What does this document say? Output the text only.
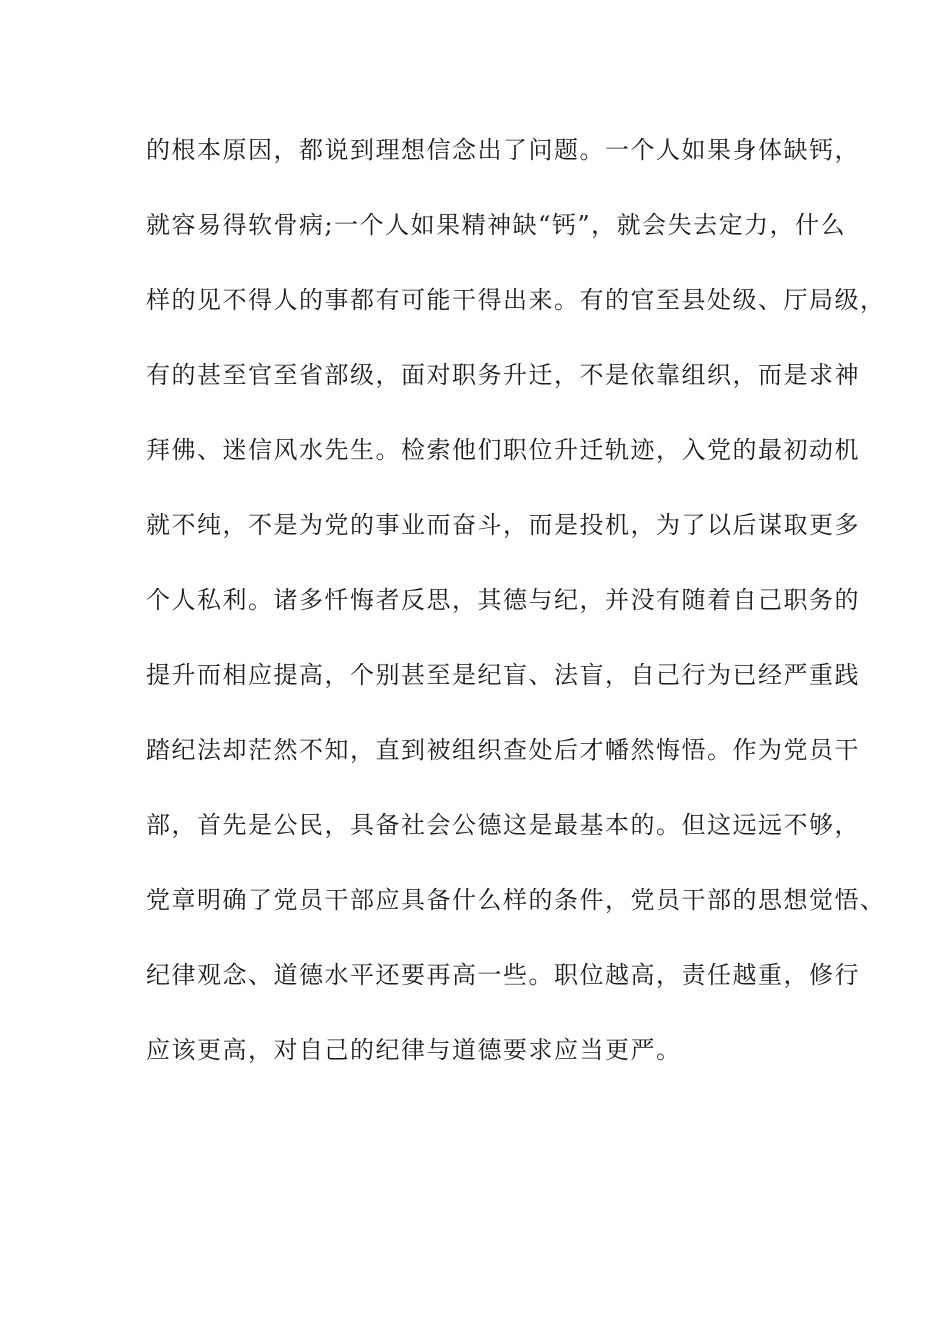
的根本原因，都说到理想信念出了问题。一个人如果身体缺钙，
就容易得软骨病;一个人如果精神缺“钙”，就会失去定力，什么
样的见不得人的事都有可能干得出来。有的官至县处级、厅局级，
有的甚至官至省部级，面对职务升迁，不是依靠组织，而是求神
拜佛、迷信风水先生。检索他们职位升迁轨迹，入党的最初动机
就不纯，不是为党的事业而奋斗，而是投机，为了以后谋取更多
个人私利。诸多忏悔者反思，其德与纪，并没有随着自己职务的
提升而相应提高，个别甚至是纪盲、法盲，自己行为已经严重践
踏纪法却茫然不知，直到被组织查处后才幡然悔悟。作为党员干
部，首先是公民，具备社会公德这是最基本的。但这远远不够，
党章明确了党员干部应具备什么样的条件，党员干部的思想觉悟、
纪律观念、道德水平还要再高一些。职位越高，责任越重，修行
应该更高，对自己的纪律与道德要求应当更严。
